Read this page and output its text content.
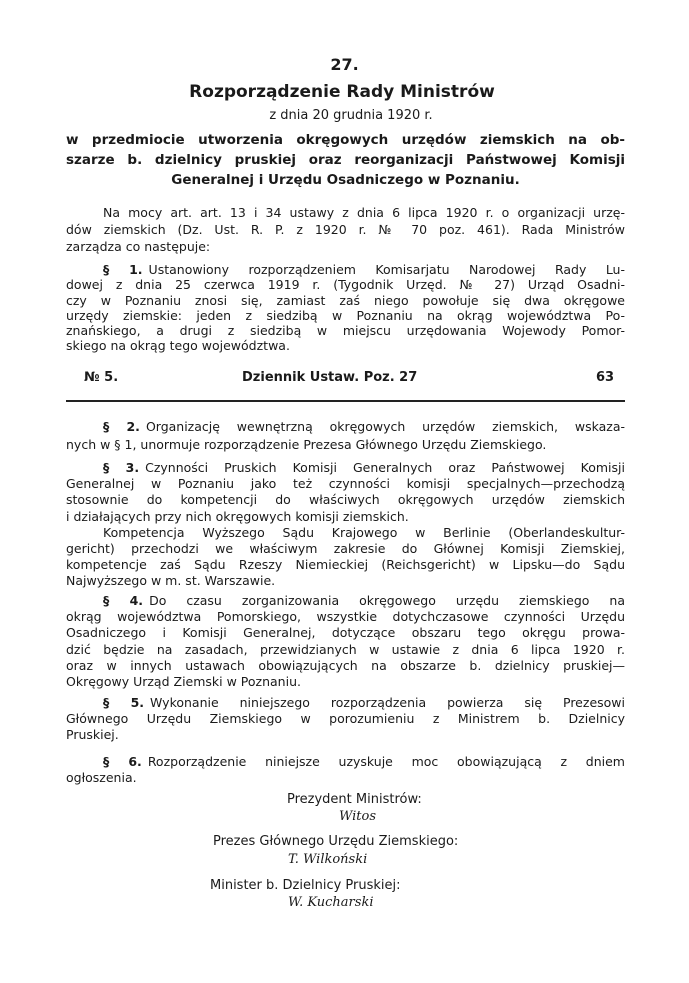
27.
Rozporządzenie Rady Ministrów
z dnia 20 grudnia 1920 r.
w przedmiocie utworzenia okręgowych urzędów ziemskich na ob-
szarze b. dzielnicy pruskiej oraz reorganizacji Państwowej Komisji
Generalnej i Urzędu Osadniczego w Poznaniu.
Na mocy art. art. 13 i 34 ustawy z dnia 6 lipca 1920 r. o organizacji urzę-
dów ziemskich (Dz. Ust. R. P. z 1920 r. № 70 poz. 461). Rada Ministrów
zarządza co następuje:
§ 1. Ustanowiony rozporządzeniem Komisarjatu Narodowej Rady Lu-
dowej z dnia 25 czerwca 1919 r. (Tygodnik Urzęd. № 27) Urząd Osadni-
czy w Poznaniu znosi się, zamiast zaś niego powołuje się dwa okręgowe
urzędy ziemskie: jeden z siedzibą w Poznaniu na okrąg województwa Po-
znańskiego, a drugi z siedzibą w miejscu urzędowania Wojewody Pomor-
skiego na okrąg tego województwa.
№ 5.	Dziennik Ustaw. Poz. 27	63
§ 2. Organizację wewnętrzną okręgowych urzędów ziemskich, wskaza-
nych w § 1, unormuje rozporządzenie Prezesa Głównego Urzędu Ziemskiego.
§ 3. Czynności Pruskich Komisji Generalnych oraz Państwowej Komisji
Generalnej w Poznaniu jako też czynności komisji specjalnych—przechodzą
stosownie do kompetencji do właściwych okręgowych urzędów ziemskich
i działających przy nich okręgowych komisji ziemskich.
Kompetencja Wyższego Sądu Krajowego w Berlinie (Oberlandeskultur-
gericht) przechodzi we właściwym zakresie do Głównej Komisji Ziemskiej,
kompetencje zaś Sądu Rzeszy Niemieckiej (Reichsgericht) w Lipsku—do Sądu
Najwyższego w m. st. Warszawie.
§ 4. Do czasu zorganizowania okręgowego urzędu ziemskiego na
okrąg województwa Pomorskiego, wszystkie dotychczasowe czynności Urzędu
Osadniczego i Komisji Generalnej, dotyczące obszaru tego okręgu prowa-
dzić będzie na zasadach, przewidzianych w ustawie z dnia 6 lipca 1920 r.
oraz w innych ustawach obowiązujących na obszarze b. dzielnicy pruskiej—
Okręgowy Urząd Ziemski w Poznaniu.
§ 5. Wykonanie niniejszego rozporządzenia powierza się Prezesowi
Głównego Urzędu Ziemskiego w porozumieniu z Ministrem b. Dzielnicy
Pruskiej.
§ 6. Rozporządzenie niniejsze uzyskuje moc obowiązującą z dniem
ogłoszenia.
Prezydent Ministrów:
Witos
Prezes Głównego Urzędu Ziemskiego:
T. Wilkoński
Minister b. Dzielnicy Pruskiej:
W. Kucharski
